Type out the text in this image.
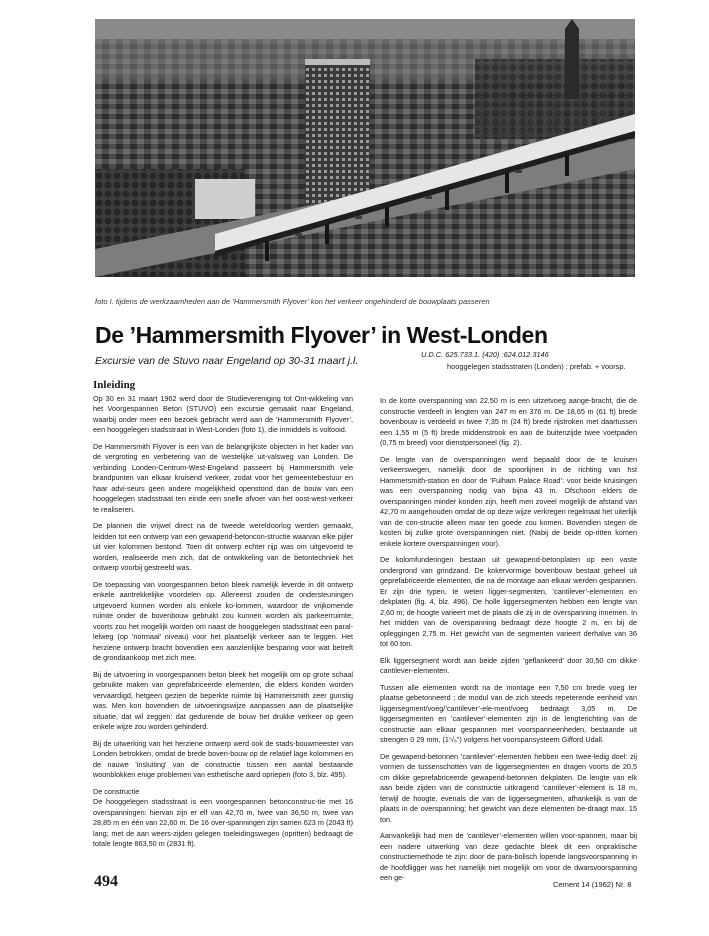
foto I. tijdens de werkzaamheden aan de ’Hammersmith Flyover’ kon het verkeer ongehinderd de bouwplaats passeren
De ’Hammersmith Flyover’ in West-Londen
Excursie van de Stuvo naar Engeland op 30-31 maart j.l.
U.D.C. 625.733.1. (420) :624.012.3146
hooggelegen stadsstraten (Londen) : prefab. + voorsp.
Inleiding

Op 30 en 31 maart 1962 werd door de Studievereniging tot Ont-wikkeling van het Voorgespannen Beton (STUVO) een excursie gemaakt naar Engeland, waarbij onder meer een bezoek gebracht werd aan de ’Hammersmith Flyover’, een hooggelegen stadsstraat in West-Londen (foto 1), die inmiddels is voltooid.

De Hammersmith Flyover is een van de belangrijkste objecten in het kader van de vergroting en verbetering van de westelijke uit-valsweg van Londen. De verbinding Londen-Centrum-West-Engeland passeert bij Hammersmith vele brandpunten van elkaar kruisend verkeer, zodat voor het gemeentebestuur en haar advi-seurs geen andere mogelijkheid openstond dan de bouw van een hooggelegen stadsstraat ten einde een snelle afvoer van het oost-west-verkeer te realiseren.

De plannen die vrijwel direct na de tweede wereldoorlog werden gemaakt, leidden tot een ontwerp van een gewapend-betoncon-structie waarvan elke pijler uit vier kolommen bestond. Toen dit ontwerp echter rijp was om uitgevoerd te worden, realiseerde men zich, dat de ontwikkeling van de betontechniek het ontwerp voorbij gestreefd was.

De toepassing van voorgespannen beton bleek namelijk leverde in dit ontwerp enkele aantrekkelijke voordelen op. Allereerst zouden de ondersteuningen uitgevoerd kunnen worden als enkele ko-lommen, waardoor de vrijkomende ruimte onder de bovenbouw gebruikt zou kunnen worden als parkeerruimte; voorts zou het mogelijk worden om naast de hooggelegen stadsstraat een paral-lelweg (op ’normaal’ niveau) voor het plaatselijk verkeer aan te leggen. Het herziene ontwerp bracht bovendien een aanzienlijke besparing voor wat betreft de grondaankoop met zich mee.

Bij de uitvoering in voorgespannen beton bleek het mogelijk om op grote schaal gebruikte maken van geprefabriceerde elementen, die elders konden worden vervaardigd, hetgeen gezien de beperkte ruimte bij Hammersmith zeer gunstig was. Men kon bovendien de uitvoeringswijze aanpassen aan de plaatselijke situatie, dat wil zeggen: dat gedurende de bouw het drukke verkeer op geen enkele wijze zou worden gehinderd.

Bij de uitwerking van het herziene ontwerp werd ook de stads-bouwmeester van Londen betrokken, omdat de brede boven-bouw op de relatief lage kolommen en de nauwe ’insluiting’ van de constructie tussen een aantal bestaande woonblokken enige problemen van esthetische aard opriepen (foto 3, blz. 495).

De constructie

De hooggelegen stadsstraat is een voorgespannen betonconstruc-tie met 16 overspanningen: hiervan zijn er elf van 42,70 m, twee van 36,50 m, twee van 28,85 m en één van 22,60 m. De 16 over-spanningen zijn samen 623 m (2043 ft) lang; met de aan weers-zijden gelegen toeleidingswegen (opritten) bedraagt de totale lengte 863,50 m (2831 ft).

In de korte overspanning van 22,50 m is een uitzetvoeg aange-bracht, die de constructie verdeelt in lengten van 247 m en 376 m. De 18,65 m (61 ft) brede bovenbouw is verdeeld in twee 7,35 m (24 ft) brede rijstroken met daartussen een 1,55 m (5 ft) brede middenstrook en aan de buitenzijde twee voetpaden (0,75 m breed) voor dienstpersoneel (fig. 2).

De lengte van de overspanningen werd bepaald door de te kruisen verkeerswegen, namelijk door de spoorlijnen in de richting van hst Hammersmith-station en door de ’Fulham Palace Road’: voor beide kruisingen was een overspanning nodig van bijna 43 m. Ofschoon elders de overspanningen minder konden zijn, heeft men zoveel mogelijk de afstand van 42,70 m aangehouden omdat de op deze wijze verkregen regelmaat het uiterlijk van de con-structie alleen maar ten goede zou komen. Bovendien stegen de kosten bij zulke grote overspanningen niet. (Nabij de beide op-ritten komen enkele kortere overspanningen voor).

De kolomfunderingen bestaan uit gewapend-betonplaten op een vaste ondergrond van grindzand. De kokervormige bovenbouw bestaat geheel uit geprefabriceerde elementen, die na de montage aan elkaar werden gespannen. Er zijn drie typen, te weten ligger-segmenten, ’cantilever’-elementen en dekplaten (fig. 4, blz. 496). De holle liggersegmenten hebben een lengte van 2,60 m; de hoogte varieert met de plaats die zij in de overspanning innemen. In het midden van de overspanning bedraagt deze hoogte 2 m, en bij de opleggingen 2,75 m. Het gewicht van de segmenten varieert derhalve van 36 tot 60 ton.

Elk liggersegment wordt aan beide zijden ’geflankeerd’ door 30,50 cm dikke cantilever-elementen.

Tussen alle elementen wordt na de montage een 7,50 cm brede voeg ter plaatse gebetonneerd ; de modul van de zich steeds repeterende eenheid van liggersegment/voeg/’cantilever’-ele-ment/voeg bedraagt 3,05 m. De liggersegmenten en ’cantilever’-elementen zijn in de lengterichting van de constructie aan elkaar gespannen met voorspanneenheden, bestaande uit strengen 0 29 mm, (1⁵/₈”) volgens het voorspansysteem Gifford Udall.

De gewapend-betonnen ’cantilever’-elementen hebben een twee-ledig doel: zij vormen de tussenschotten van de liggersegmenten en dragen voorts de 20,5 cm dikke geprefabriceerde gewapend-betonnen dekplaten. De lengte van elk aan beide zijden van de constructie uitkragend ’cantilever’-element is 18 m, terwijl de hoogte, evenals die van de liggersegmenten, afhankelijk is van de plaats in de overspanning; het gewicht van deze elementen be-draagt max. 15 ton.

Aanvankelijk had men de ’cantilever’-elementen willen voor-spannen, maar bij een nadere uitwerking van deze gedachte bleek dit een onpraktische constructiemethode te zijn: door de para-bolisch lopende langsvoorspanning in de hoofdligger was het namelijk niet mogelijk om voor de dwarsvoorspanning een ge-

494	Cement 14 (1962) Nr. 8
